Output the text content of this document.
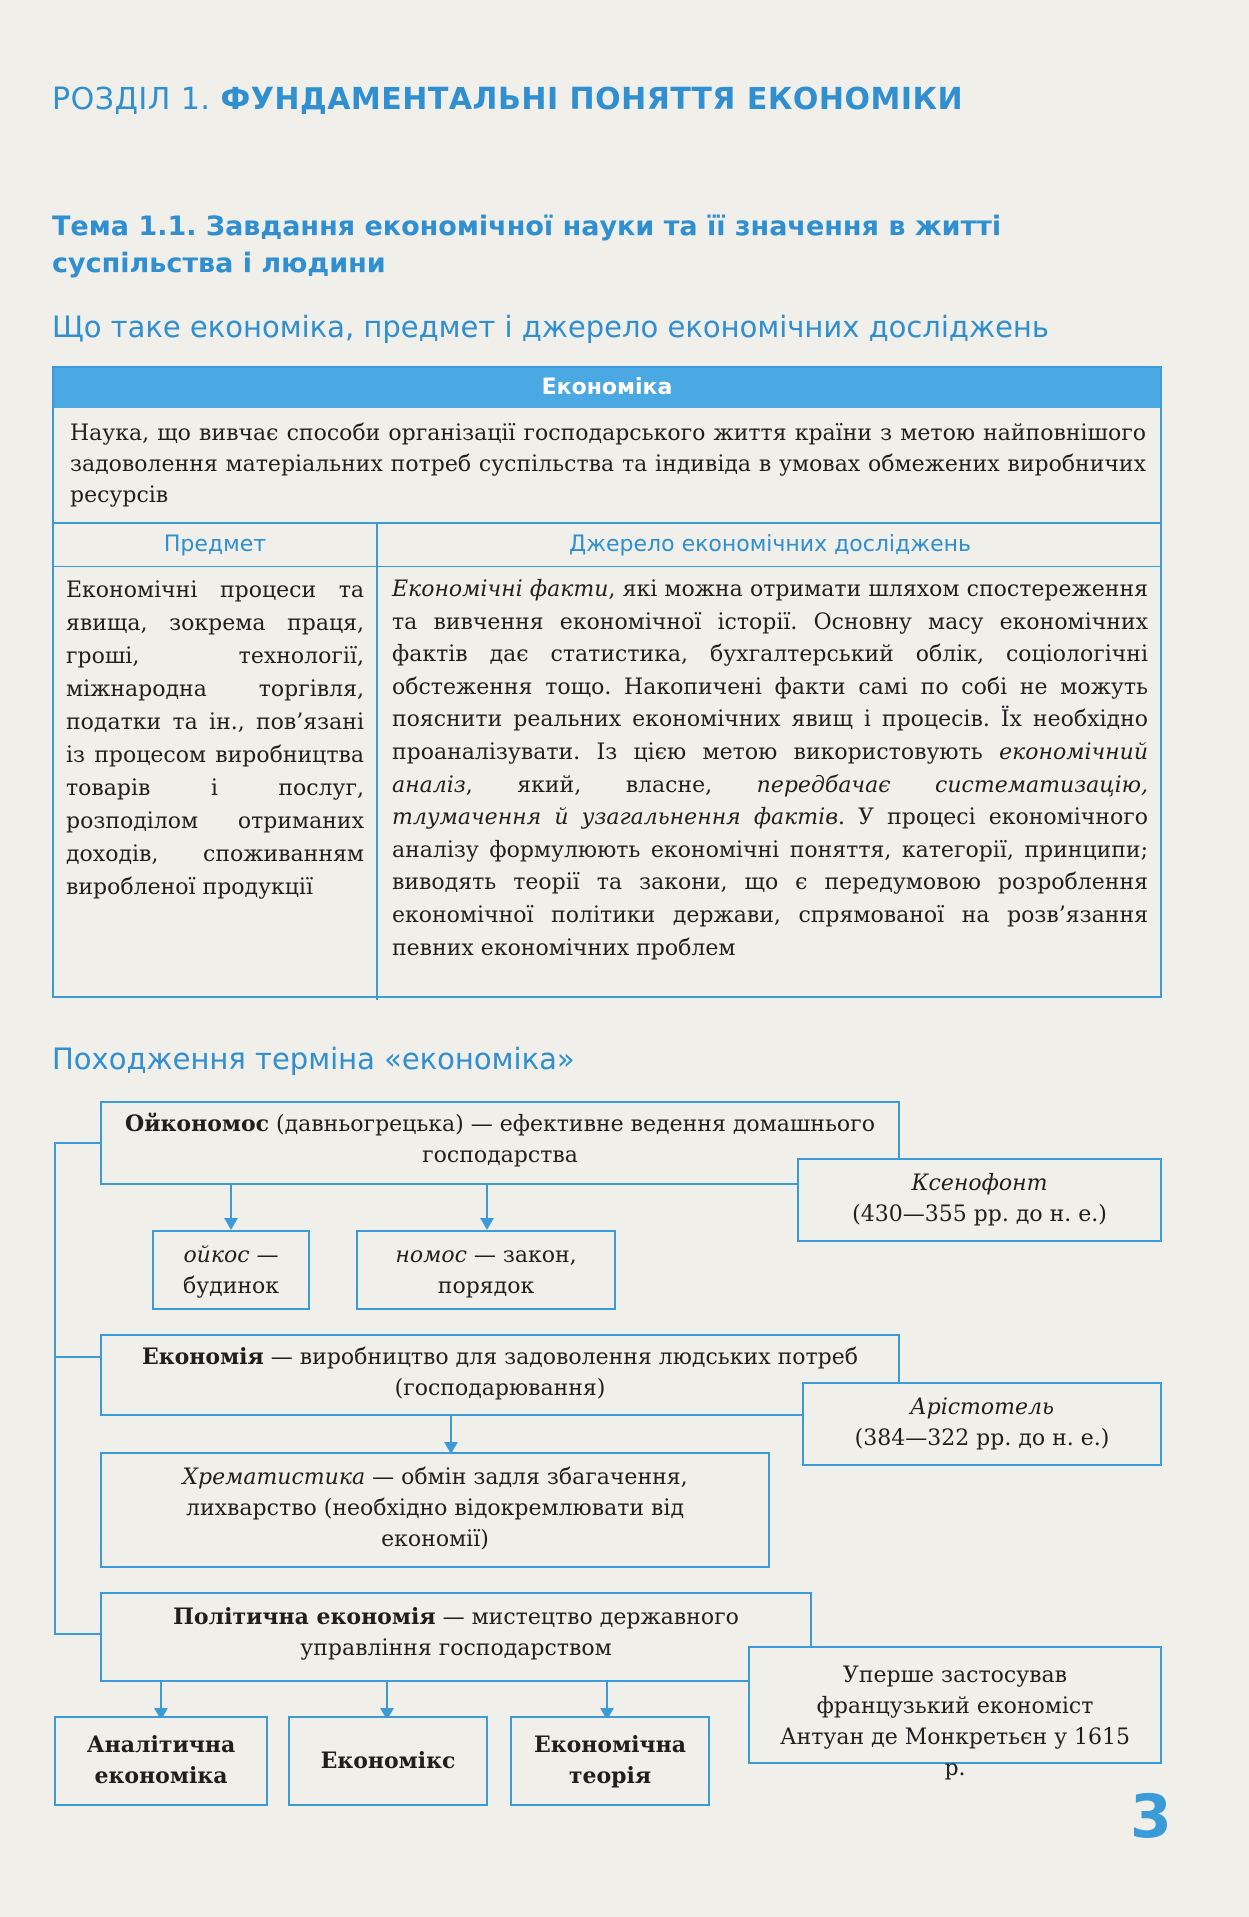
РОЗДІЛ 1. ФУНДАМЕНТАЛЬНІ ПОНЯТТЯ ЕКОНОМІКИ
Тема 1.1. Завдання економічної науки та її значення в житті суспільства і людини
Що таке економіка, предмет і джерело економічних досліджень
Економіка
Наука, що вивчає способи організації господарського життя країни з метою найповнішого задоволення матеріальних потреб суспільства та індивіда в умовах обмежених виробничих ресурсів
Предмет	Джерело економічних досліджень
Економічні процеси та явища, зокрема праця, гроші, технології, міжнародна торгівля, податки та ін., пов’язані із процесом виробництва товарів і послуг, розподілом отриманих доходів, споживанням виробленої продукції
Економічні факти, які можна отримати шляхом спостереження та вивчення економічної історії. Основну масу економічних фактів дає статистика, бухгалтерський облік, соціологічні обстеження тощо. Накопичені факти самі по собі не можуть пояснити реальних економічних явищ і процесів. Їх необхідно проаналізувати. Із цією метою використовують економічний аналіз, який, власне, передбачає систематизацію, тлумачення й узагальнення фактів. У процесі економічного аналізу формулюють економічні поняття, категорії, принципи; виводять теорії та закони, що є передумовою розроблення економічної політики держави, спрямованої на розв’язання певних економічних проблем
Походження терміна «економіка»
Ойкономос (давньогрецька) — ефективне ведення домашнього господарства
Ксенофонт
(430—355 рр. до н. е.)
ойкос — будинок
номос — закон, порядок
Економія — виробництво для задоволення людських потреб (господарювання)
Арістотель
(384—322 рр. до н. е.)
Хрематистика — обмін задля збагачення, лихварство (необхідно відокремлювати від економії)
Політична економія — мистецтво державного управління господарством
Уперше застосував французький економіст Антуан де Монкретьєн у 1615 р.
Аналітична економіка
Економікс
Економічна теорія
3
